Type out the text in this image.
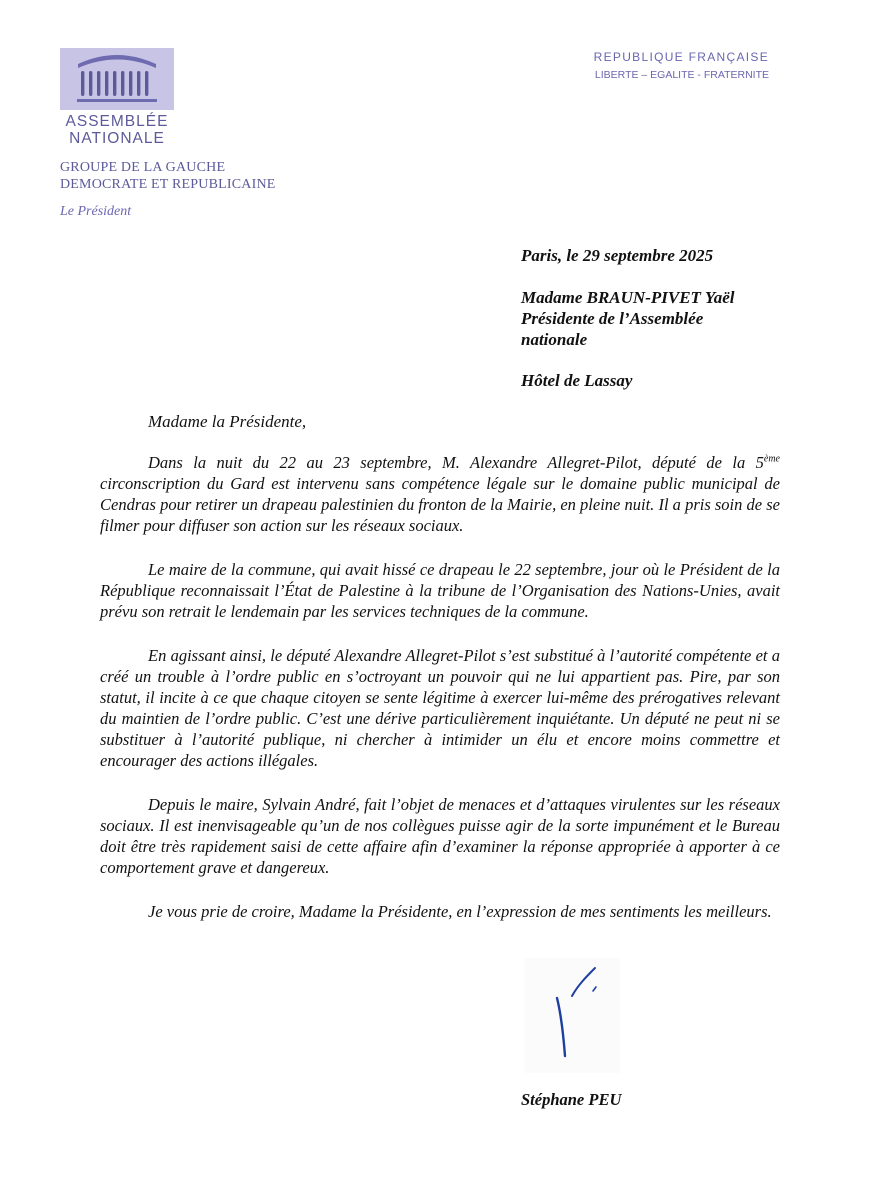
ASSEMBLÉE
NATIONALE
REPUBLIQUE FRANÇAISE
LIBERTE – EGALITE - FRATERNITE
GROUPE DE LA GAUCHE
DEMOCRATE ET REPUBLICAINE
Le Président
Paris, le 29 septembre 2025
Madame BRAUN-PIVET Yaël
Présidente de l’Assemblée
nationale
Hôtel de Lassay
Madame la Présidente,

Dans la nuit du 22 au 23 septembre, M. Alexandre Allegret-Pilot, député de la 5ème circonscription du Gard est intervenu sans compétence légale sur le domaine public municipal de Cendras pour retirer un drapeau palestinien du fronton de la Mairie, en pleine nuit. Il a pris soin de se filmer pour diffuser son action sur les réseaux sociaux.

Le maire de la commune, qui avait hissé ce drapeau le 22 septembre, jour où le Président de la République reconnaissait l’État de Palestine à la tribune de l’Organisation des Nations-Unies, avait prévu son retrait le lendemain par les services techniques de la commune.

En agissant ainsi, le député Alexandre Allegret-Pilot s’est substitué à l’autorité compétente et a créé un trouble à l’ordre public en s’octroyant un pouvoir qui ne lui appartient pas. Pire, par son statut, il incite à ce que chaque citoyen se sente légitime à exercer lui-même des prérogatives relevant du maintien de l’ordre public. C’est une dérive particulièrement inquiétante. Un député ne peut ni se substituer à l’autorité publique, ni chercher à intimider un élu et encore moins commettre et encourager des actions illégales.

Depuis le maire, Sylvain André, fait l’objet de menaces et d’attaques virulentes sur les réseaux sociaux. Il est inenvisageable qu’un de nos collègues puisse agir de la sorte impunément et le Bureau doit être très rapidement saisi de cette affaire afin d’examiner la réponse appropriée à apporter à ce comportement grave et dangereux.

Je vous prie de croire, Madame la Présidente, en l’expression de mes sentiments les meilleurs.

Stéphane PEU
